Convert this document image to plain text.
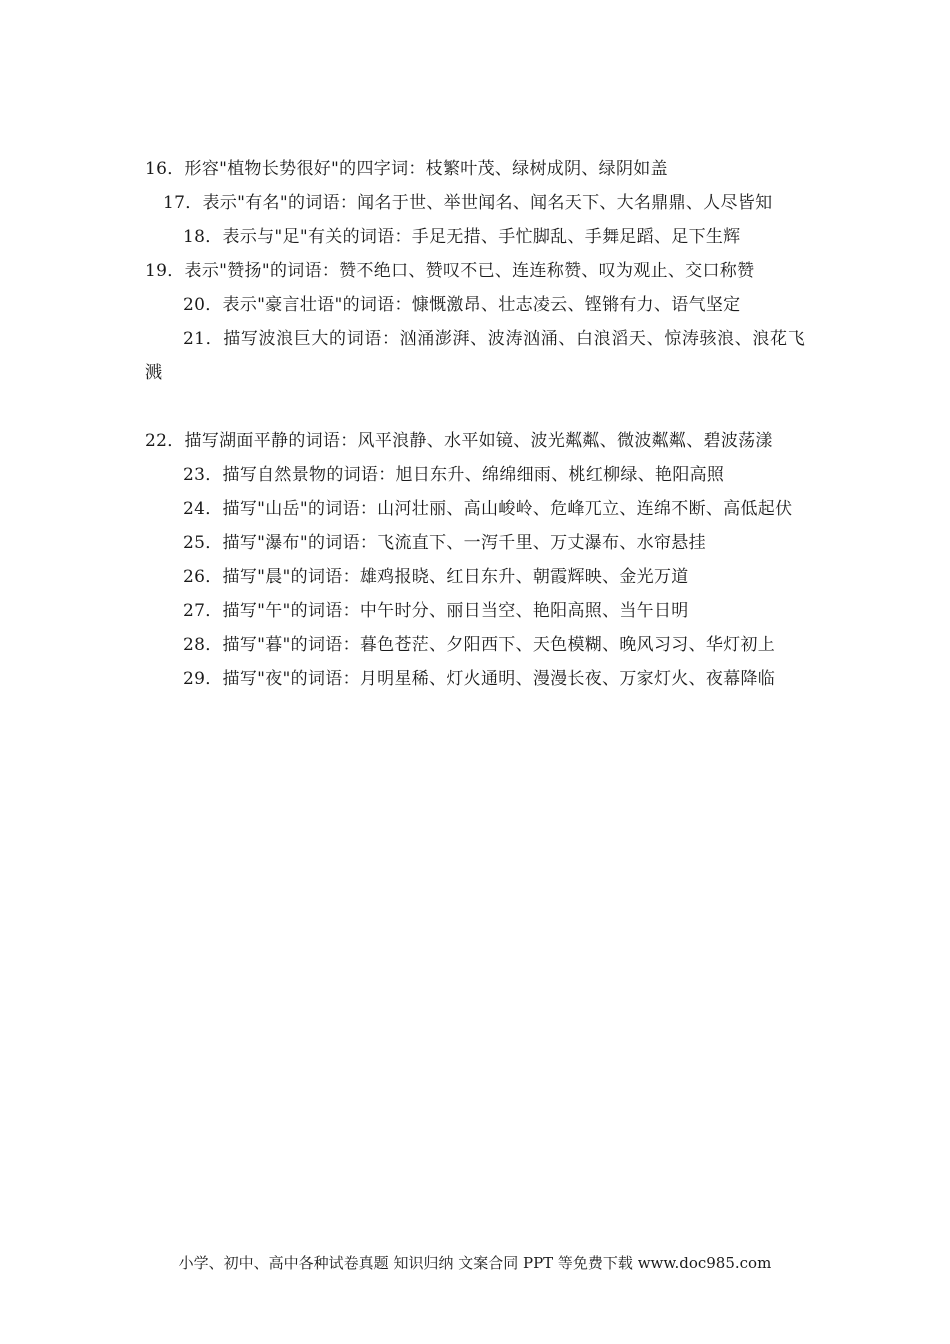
16．形容"植物长势很好"的四字词：枝繁叶茂、绿树成阴、绿阴如盖

17．表示"有名"的词语：闻名于世、举世闻名、闻名天下、大名鼎鼎、人尽皆知

18．表示与"足"有关的词语：手足无措、手忙脚乱、手舞足蹈、足下生辉

19．表示"赞扬"的词语：赞不绝口、赞叹不已、连连称赞、叹为观止、交口称赞

20．表示"豪言壮语"的词语：慷慨激昂、壮志凌云、铿锵有力、语气坚定

21．描写波浪巨大的词语：汹涌澎湃、波涛汹涌、白浪滔天、惊涛骇浪、浪花飞溅

22．描写湖面平静的词语：风平浪静、水平如镜、波光粼粼、微波粼粼、碧波荡漾

23．描写自然景物的词语：旭日东升、绵绵细雨、桃红柳绿、艳阳高照

24．描写"山岳"的词语：山河壮丽、高山峻岭、危峰兀立、连绵不断、高低起伏

25．描写"瀑布"的词语：飞流直下、一泻千里、万丈瀑布、水帘悬挂

26．描写"晨"的词语：雄鸡报晓、红日东升、朝霞辉映、金光万道

27．描写"午"的词语：中午时分、丽日当空、艳阳高照、当午日明

28．描写"暮"的词语：暮色苍茫、夕阳西下、天色模糊、晚风习习、华灯初上

29．描写"夜"的词语：月明星稀、灯火通明、漫漫长夜、万家灯火、夜幕降临

小学、初中、高中各种试卷真题 知识归纳 文案合同 PPT 等免费下载 www.doc985.com
